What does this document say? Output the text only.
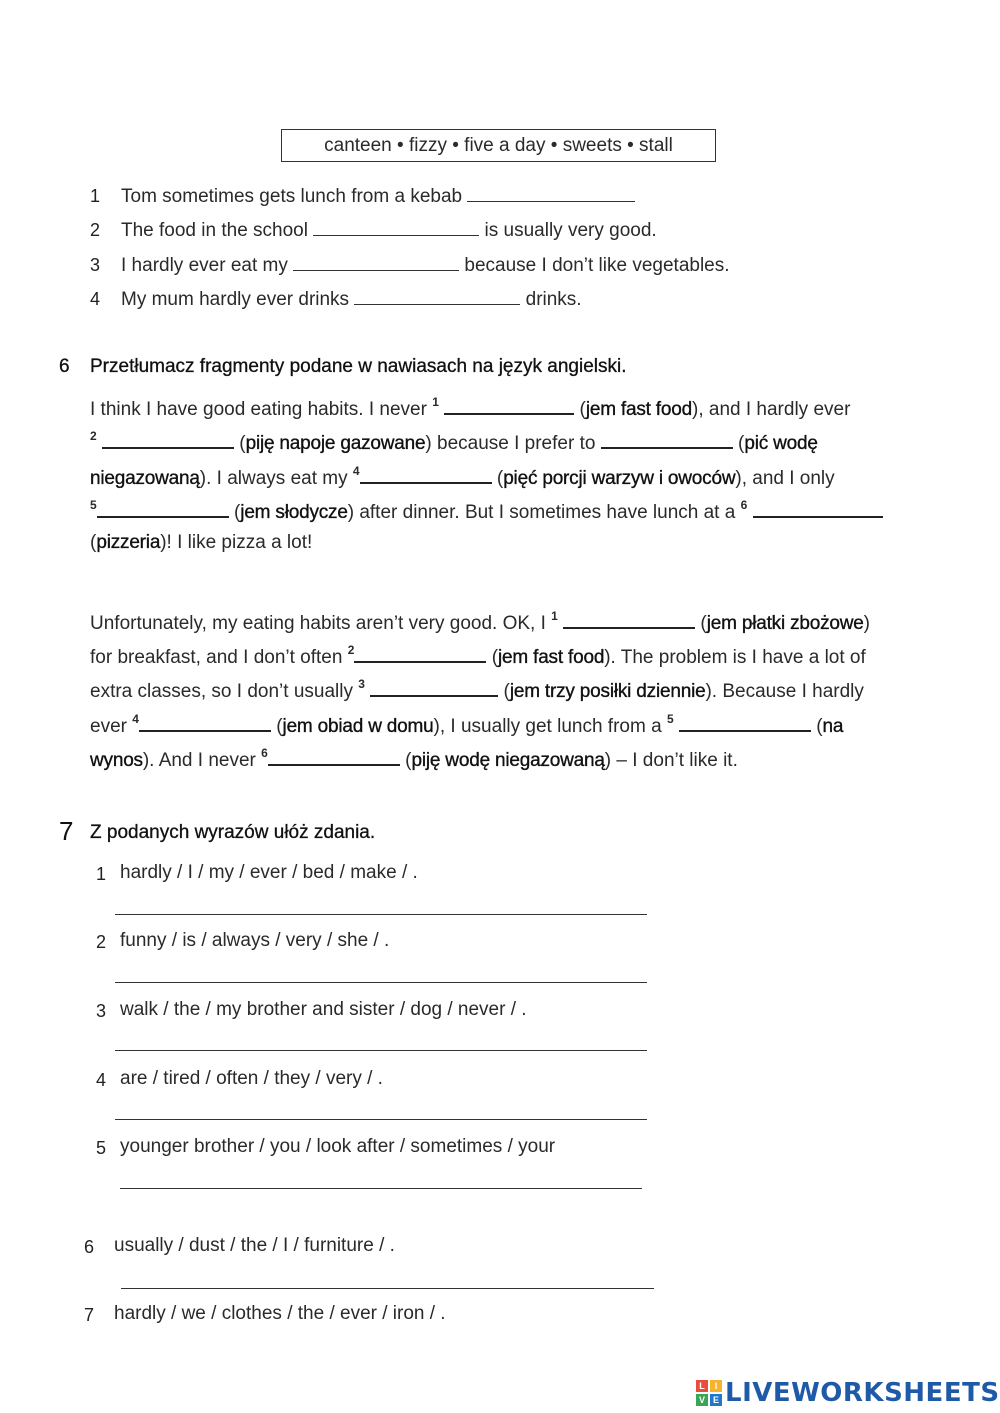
canteen • fizzy • five a day • sweets • stall
1 Tom sometimes gets lunch from a kebab
2 The food in the school	is usually very good.
3 I hardly ever eat my	because I don’t like vegetables.
4 My mum hardly ever drinks	drinks.
6 Przetłumacz fragmenty podane w nawiasach na język angielski.
I think I have good eating habits. I never $^1$	(jem fast food), and I hardly ever
$^2$	(piję napoje gazowane) because I prefer to	(pić wodę
niegazowaną). I always eat my $^4$	(pięć porcji warzyw i owoców), and I only
$^5$	(jem słodycze) after dinner. But I sometimes have lunch at a $^6$
(pizzeria)! I like pizza a lot!
Unfortunately, my eating habits aren’t very good. OK, I $^1$	(jem płatki zbożowe)
for breakfast, and I don’t often $^2$	(jem fast food). The problem is I have a lot of
extra classes, so I don’t usually $^3$	(jem trzy posiłki dziennie). Because I hardly
ever $^4$	(jem obiad w domu), I usually get lunch from a $^5$	(na
wynos). And I never $^6$	(piję wodę niegazowaną) – I don’t like it.
7 Z podanych wyrazów ułóż zdania.
1 hardly / I / my / ever / bed / make / .
2 funny / is / always / very / she / .
3 walk / the / my brother and sister / dog / never / .
4 are / tired / often / they / very / .
5 younger brother / you / look after / sometimes / your
6 usually / dust / the / I / furniture / .
7 hardly / we / clothes / the / ever / iron / .
L	I
V E LIVEWORKSHEETS
